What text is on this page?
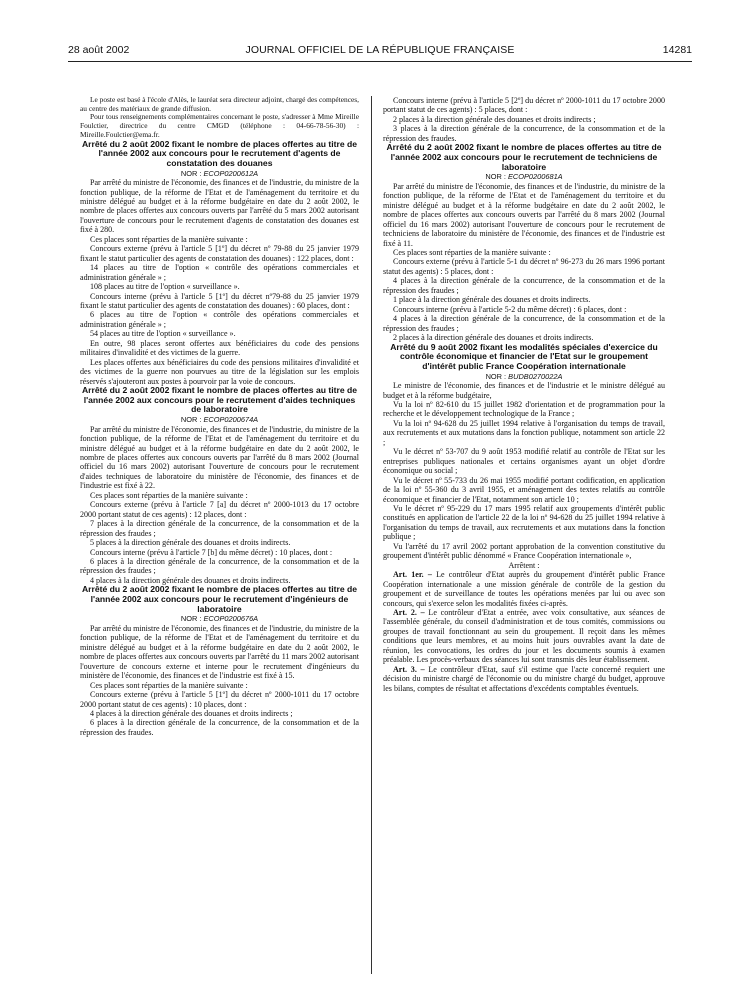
28 août 2002	JOURNAL OFFICIEL DE LA RÉPUBLIQUE FRANÇAISE	14281

Le poste est basé à l'école d'Alès, le lauréat sera directeur adjoint, chargé des compétences, au centre des matériaux de grande diffusion.

Pour tous renseignements complémentaires concernant le poste, s'adresser à Mme Mireille Foulctier, directrice du centre CMGD (téléphone : 04-66-78-56-30) : Mireille.Foulctier@ema.fr.

Arrêté du 2 août 2002 fixant le nombre de places offertes au titre de l'année 2002 aux concours pour le recrutement d'agents de constatation des douanes

NOR : ECOP0200612A

Par arrêté du ministre de l'économie, des finances et de l'industrie, du ministre de la fonction publique, de la réforme de l'Etat et de l'aménagement du territoire et du ministre délégué au budget et à la réforme budgétaire en date du 2 août 2002, le nombre de places offertes aux concours ouverts par l'arrêté du 5 mars 2002 autorisant l'ouverture de concours pour le recrutement d'agents de constatation des douanes est fixé à 280.

Ces places sont réparties de la manière suivante :

Concours externe (prévu à l'article 5 [1º] du décret nº 79-88 du 25 janvier 1979 fixant le statut particulier des agents de constatation des douanes) : 122 places, dont :

14 places au titre de l'option « contrôle des opérations commerciales et administration générale » ;

108 places au titre de l'option « surveillance ».

Concours interne (prévu à l'article 5 [1º] du décret nº79-88 du 25 janvier 1979 fixant le statut particulier des agents de constatation des douanes) : 60 places, dont :

6 places au titre de l'option « contrôle des opérations commerciales et administration générale » ;

54 places au titre de l'option « surveillance ».

En outre, 98 places seront offertes aux bénéficiaires du code des pensions militaires d'invalidité et des victimes de la guerre.

Les places offertes aux bénéficiaires du code des pensions militaires d'invalidité et des victimes de la guerre non pourvues au titre de la législation sur les emplois réservés s'ajouteront aux postes à pourvoir par la voie de concours.

Arrêté du 2 août 2002 fixant le nombre de places offertes au titre de l'année 2002 aux concours pour le recrutement d'aides techniques de laboratoire

NOR : ECOP0200674A

Par arrêté du ministre de l'économie, des finances et de l'industrie, du ministre de la fonction publique, de la réforme de l'Etat et de l'aménagement du territoire et du ministre délégué au budget et à la réforme budgétaire en date du 2 août 2002, le nombre de places offertes aux concours ouverts par l'arrêté du 8 mars 2002 (Journal officiel du 16 mars 2002) autorisant l'ouverture de concours pour le recrutement d'aides techniques de laboratoire du ministère de l'économie, des finances et de l'industrie est fixé à 22.

Ces places sont réparties de la manière suivante :

Concours externe (prévu à l'article 7 [a] du décret nº 2000-1013 du 17 octobre 2000 portant statut de ces agents) : 12 places, dont :

7 places à la direction générale de la concurrence, de la consommation et de la répression des fraudes ;

5 places à la direction générale des douanes et droits indirects.

Concours interne (prévu à l'article 7 [b] du même décret) : 10 places, dont :

6 places à la direction générale de la concurrence, de la consommation et de la répression des fraudes ;

4 places à la direction générale des douanes et droits indirects.

Arrêté du 2 août 2002 fixant le nombre de places offertes au titre de l'année 2002 aux concours pour le recrutement d'ingénieurs de laboratoire

NOR : ECOP0200676A

Par arrêté du ministre de l'économie, des finances et de l'industrie, du ministre de la fonction publique, de la réforme de l'Etat et de l'aménagement du territoire et du ministre délégué au budget et à la réforme budgétaire en date du 2 août 2002, le nombre de places offertes aux concours ouverts par l'arrêté du 11 mars 2002 autorisant l'ouverture de concours externe et interne pour le recrutement d'ingénieurs du ministère de l'économie, des finances et de l'industrie est fixé à 15.

Ces places sont réparties de la manière suivante :

Concours externe (prévu à l'article 5 [1º] du décret nº 2000-1011 du 17 octobre 2000 portant statut de ces agents) : 10 places, dont :

4 places à la direction générale des douanes et droits indirects ;

6 places à la direction générale de la concurrence, de la consommation et de la répression des fraudes.

Concours interne (prévu à l'article 5 [2º] du décret nº 2000-1011 du 17 octobre 2000 portant statut de ces agents) : 5 places, dont :

2 places à la direction générale des douanes et droits indirects ;

3 places à la direction générale de la concurrence, de la consommation et de la répression des fraudes.

Arrêté du 2 août 2002 fixant le nombre de places offertes au titre de l'année 2002 aux concours pour le recrutement de techniciens de laboratoire

NOR : ECOP0200681A

Par arrêté du ministre de l'économie, des finances et de l'industrie, du ministre de la fonction publique, de la réforme de l'Etat et de l'aménagement du territoire et du ministre délégué au budget et à la réforme budgétaire en date du 2 août 2002, le nombre de places offertes aux concours ouverts par l'arrêté du 8 mars 2002 (Journal officiel du 16 mars 2002) autorisant l'ouverture de concours pour le recrutement de techniciens de laboratoire du ministère de l'économie, des finances et de l'industrie est fixé à 11.

Ces places sont réparties de la manière suivante :

Concours externe (prévu à l'article 5-1 du décret nº 96-273 du 26 mars 1996 portant statut des agents) : 5 places, dont :

4 places à la direction générale de la concurrence, de la consommation et de la répression des fraudes ;

1 place à la direction générale des douanes et droits indirects.

Concours interne (prévu à l'article 5-2 du même décret) : 6 places, dont :

4 places à la direction générale de la concurrence, de la consommation et de la répression des fraudes ;

2 places à la direction générale des douanes et droits indirects.

Arrêté du 9 août 2002 fixant les modalités spéciales d'exercice du contrôle économique et financier de l'Etat sur le groupement d'intérêt public France Coopération internationale

NOR : BUDB0270022A

Le ministre de l'économie, des finances et de l'industrie et le ministre délégué au budget et à la réforme budgétaire,

Vu la loi nº 82-610 du 15 juillet 1982 d'orientation et de programmation pour la recherche et le développement technologique de la France ;

Vu la loi nº 94-628 du 25 juillet 1994 relative à l'organisation du temps de travail, aux recrutements et aux mutations dans la fonction publique, notamment son article 22 ;

Vu le décret nº 53-707 du 9 août 1953 modifié relatif au contrôle de l'Etat sur les entreprises publiques nationales et certains organismes ayant un objet d'ordre économique ou social ;

Vu le décret nº 55-733 du 26 mai 1955 modifié portant codification, en application de la loi nº 55-360 du 3 avril 1955, et aménagement des textes relatifs au contrôle économique et financier de l'Etat, notamment son article 10 ;

Vu le décret nº 95-229 du 17 mars 1995 relatif aux groupements d'intérêt public constitués en application de l'article 22 de la loi nº 94-628 du 25 juillet 1994 relative à l'organisation du temps de travail, aux recrutements et aux mutations dans la fonction publique ;

Vu l'arrêté du 17 avril 2002 portant approbation de la convention constitutive du groupement d'intérêt public dénommé « France Coopération internationale »,

Arrêtent :

Art. 1er. – Le contrôleur d'Etat auprès du groupement d'intérêt public France Coopération internationale a une mission générale de contrôle de la gestion du groupement et de surveillance de toutes les opérations menées par lui ou avec son concours, qui s'exerce selon les modalités fixées ci-après.

Art. 2. – Le contrôleur d'Etat a entrée, avec voix consultative, aux séances de l'assemblée générale, du conseil d'administration et de tous comités, commissions ou groupes de travail fonctionnant au sein du groupement. Il reçoit dans les mêmes conditions que leurs membres, et au moins huit jours ouvrables avant la date de réunion, les convocations, les ordres du jour et les documents soumis à examen préalable. Les procès-verbaux des séances lui sont transmis dès leur établissement.

Art. 3. – Le contrôleur d'Etat, sauf s'il estime que l'acte concerné requiert une décision du ministre chargé de l'économie ou du ministre chargé du budget, approuve les bilans, comptes de résultat et affectations d'excédents comptables éventuels.
